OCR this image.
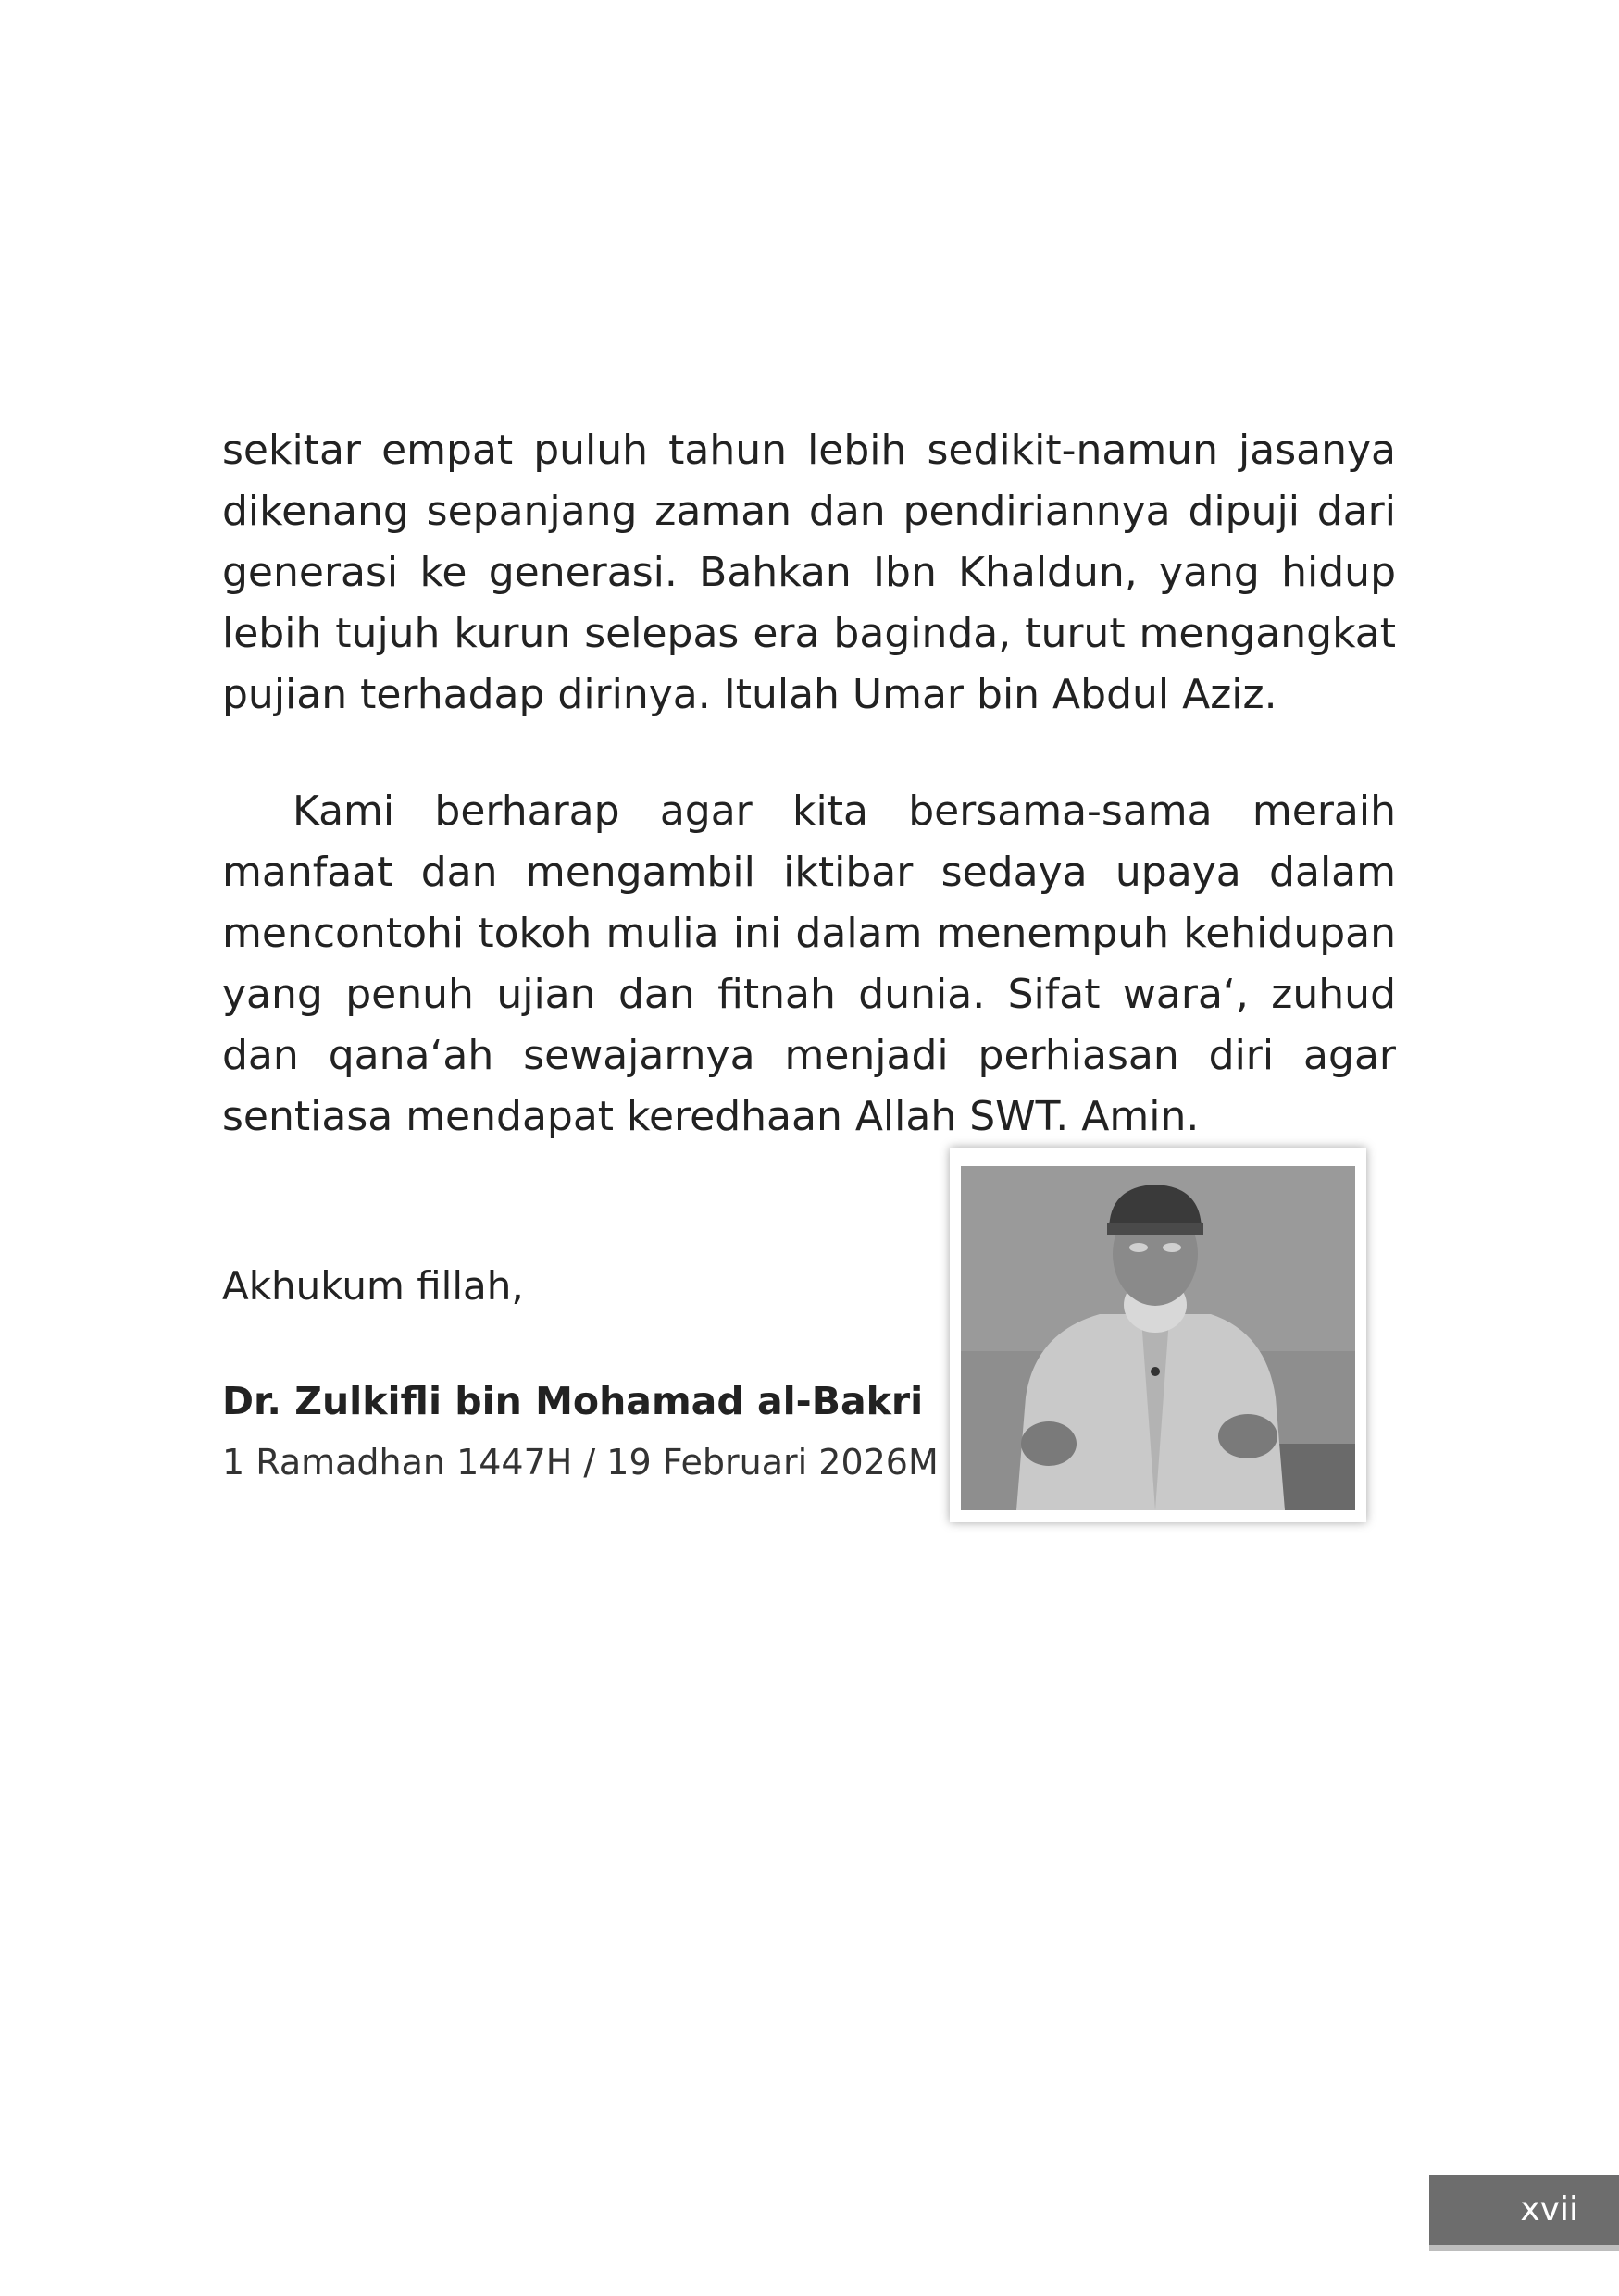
sekitar empat puluh tahun lebih sedikit-namun jasanya dikenang sepanjang zaman dan pendiriannya dipuji dari generasi ke generasi. Bahkan Ibn Khaldun, yang hidup lebih tujuh kurun selepas era baginda, turut mengangkat pujian terhadap dirinya. Itulah Umar bin Abdul Aziz.

Kami berharap agar kita bersama-sama meraih manfaat dan mengambil iktibar sedaya upaya dalam mencontohi tokoh mulia ini dalam menempuh kehidupan yang penuh ujian dan fitnah dunia. Sifat wara‘, zuhud dan qana‘ah sewajarnya menjadi perhiasan diri agar sentiasa mendapat keredhaan Allah SWT. Amin.

Akhukum fillah,
Dr. Zulkifli bin Mohamad al-Bakri
1 Ramadhan 1447H / 19 Februari 2026M
xvii
